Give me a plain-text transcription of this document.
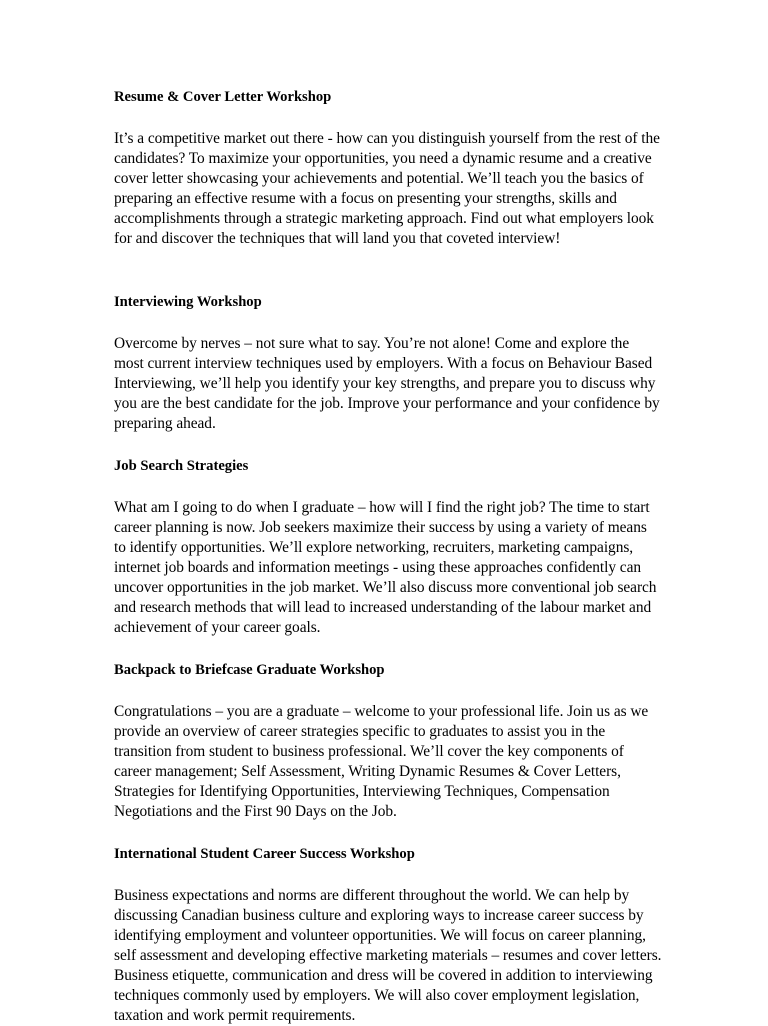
Resume & Cover Letter Workshop

It’s a competitive market out there - how can you distinguish yourself from the rest of the
candidates? To maximize your opportunities, you need a dynamic resume and a creative
cover letter showcasing your achievements and potential. We’ll teach you the basics of
preparing an effective resume with a focus on presenting your strengths, skills and
accomplishments through a strategic marketing approach. Find out what employers look
for and discover the techniques that will land you that coveted interview!

Interviewing Workshop

Overcome by nerves – not sure what to say. You’re not alone! Come and explore the
most current interview techniques used by employers. With a focus on Behaviour Based
Interviewing, we’ll help you identify your key strengths, and prepare you to discuss why
you are the best candidate for the job. Improve your performance and your confidence by
preparing ahead.

Job Search Strategies

What am I going to do when I graduate – how will I find the right job? The time to start
career planning is now. Job seekers maximize their success by using a variety of means
to identify opportunities. We’ll explore networking, recruiters, marketing campaigns,
internet job boards and information meetings - using these approaches confidently can
uncover opportunities in the job market. We’ll also discuss more conventional job search
and research methods that will lead to increased understanding of the labour market and
achievement of your career goals.

Backpack to Briefcase Graduate Workshop

Congratulations – you are a graduate – welcome to your professional life. Join us as we
provide an overview of career strategies specific to graduates to assist you in the
transition from student to business professional. We’ll cover the key components of
career management; Self Assessment, Writing Dynamic Resumes & Cover Letters,
Strategies for Identifying Opportunities, Interviewing Techniques, Compensation
Negotiations and the First 90 Days on the Job.

International Student Career Success Workshop

Business expectations and norms are different throughout the world. We can help by
discussing Canadian business culture and exploring ways to increase career success by
identifying employment and volunteer opportunities. We will focus on career planning,
self assessment and developing effective marketing materials – resumes and cover letters.
Business etiquette, communication and dress will be covered in addition to interviewing
techniques commonly used by employers. We will also cover employment legislation,
taxation and work permit requirements.
